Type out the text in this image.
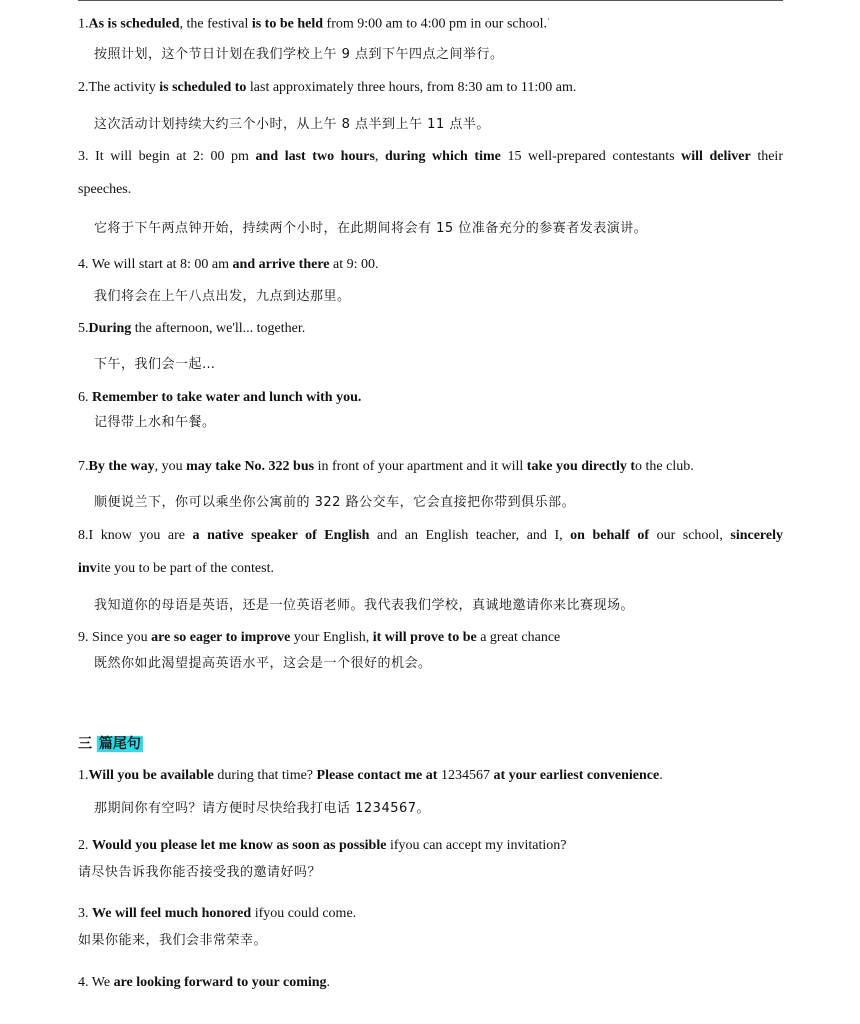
1.As is scheduled, the festival is to be held from 9:00 am to 4:00 pm in our school.·
按照计划，这个节日计划在我们学校上午 9 点到下午四点之间举行。
2.The activity is scheduled to last approximately three hours, from 8:30 am to 11:00 am.
这次活动计划持续大约三个小时，从上午 8 点半到上午 11 点半。
3. It will begin at 2: 00 pm and last two hours, during which time 15 well-prepared contestants will deliver their
speeches.
它将于下午两点钟开始，持续两个小时，在此期间将会有 15 位准备充分的参赛者发表演讲。
4. We will start at 8: 00 am and arrive there at 9: 00.
我们将会在上午八点出发，九点到达那里。
5.During the afternoon, we'll... together.
下午，我们会一起…
6. Remember to take water and lunch with you.
记得带上水和午餐。
7.By the way, you may take No. 322 bus in front of your apartment and it will take you directly to the club.
顺便说兰下，你可以乘坐你公寓前的 322 路公交车，它会直接把你带到俱乐部。
8.I know you are a native speaker of English and an English teacher, and I, on behalf of our school, sincerely
invite you to be part of the contest.
我知道你的母语是英语，还是一位英语老师。我代表我们学校，真诚地邀请你来比赛现场。
9. Since you are so eager to improve your English, it will prove to be a great chance
既然你如此渴望提高英语水平，这会是一个很好的机会。
三 篇尾句
1.Will you be available during that time? Please contact me at 1234567 at your earliest convenience.
那期间你有空吗？请方便时尽快给我打电话 1234567。
2. Would you please let me know as soon as possible ifyou can accept my invitation?
请尽快告诉我你能否接受我的邀请好吗？
3. We will feel much honored ifyou could come.
如果你能来，我们会非常荣幸。
4. We are looking forward to your coming.
